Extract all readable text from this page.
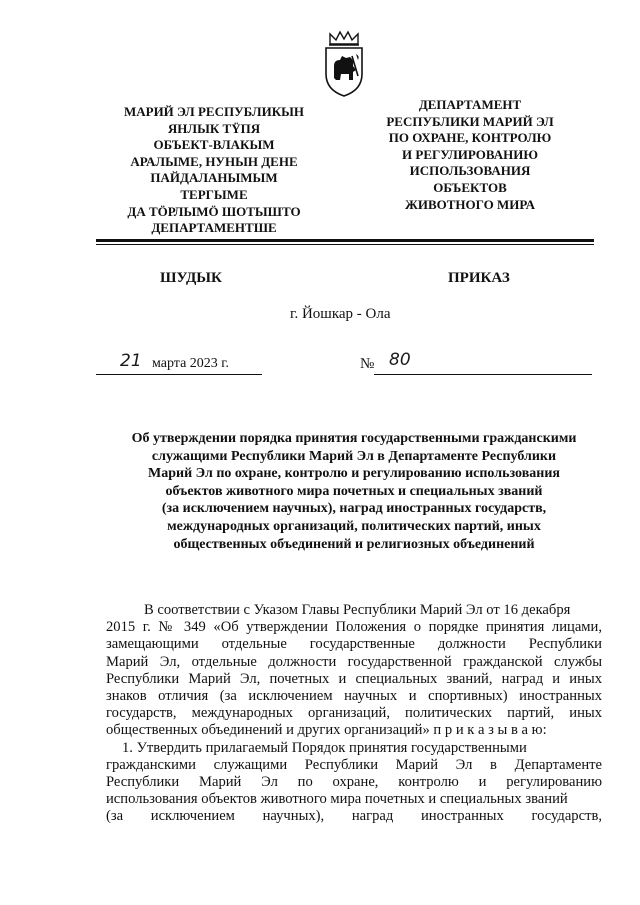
МАРИЙ ЭЛ РЕСПУБЛИКЫН
ЯНЛЫК ТŸПЯ
ОБЪЕКТ-ВЛАКЫМ
АРАЛЫМЕ, НУНЫН ДЕНЕ
ПАЙДАЛАНЫМЫМ
ТЕРГЫМЕ
ДА ТÖРЛЫМÖ ШОТЫШТО
ДЕПАРТАМЕНТШЕ
ДЕПАРТАМЕНТ
РЕСПУБЛИКИ МАРИЙ ЭЛ
ПО ОХРАНЕ, КОНТРОЛЮ
И РЕГУЛИРОВАНИЮ
ИСПОЛЬЗОВАНИЯ
ОБЪЕКТОВ
ЖИВОТНОГО МИРА
ШУДЫК	ПРИКАЗ
г. Йошкар - Ола
21 марта 2023 г.	№ 80
Об утверждении порядка принятия государственными гражданскими
служащими Республики Марий Эл в Департаменте Республики
Марий Эл по охране, контролю и регулированию использования
объектов животного мира почетных и специальных званий
(за исключением научных), наград иностранных государств,
международных организаций, политических партий, иных
общественных объединений и религиозных объединений
В соответствии с Указом Главы Республики Марий Эл от 16 декабря
2015 г. № 349 «Об утверждении Положения о порядке принятия лицами,
замещающими отдельные государственные должности Республики
Марий Эл, отдельные должности государственной гражданской службы
Республики Марий Эл, почетных и специальных званий, наград и иных
знаков отличия (за исключением научных и спортивных) иностранных
государств, международных организаций, политических партий, иных
общественных объединений и других организаций» п р и к а з ы в а ю:
1. Утвердить прилагаемый Порядок принятия государственными
гражданскими служащими Республики Марий Эл в Департаменте
Республики Марий Эл по охране, контролю и регулированию
использования объектов животного мира почетных и специальных званий
(за исключением научных), наград иностранных государств,
